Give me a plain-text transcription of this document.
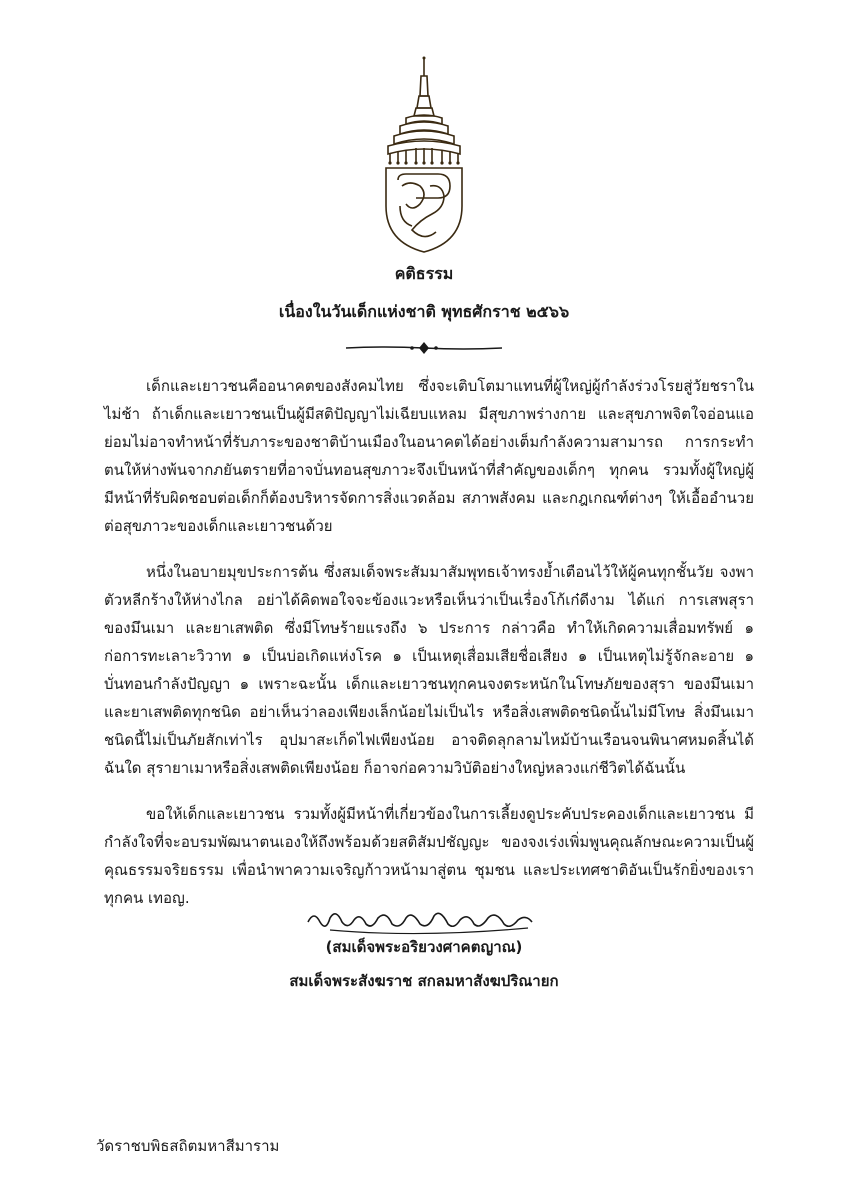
คติธรรม

เนื่องในวันเด็กแห่งชาติ พุทธศักราช ๒๕๖๖

เด็กและเยาวชนคืออนาคตของสังคมไทย ซึ่งจะเติบโตมาแทนที่ผู้ใหญ่ผู้กำลังร่วงโรยสู่วัยชราในไม่ช้า ถ้าเด็กและเยาวชนเป็นผู้มีสติปัญญาไม่เฉียบแหลม มีสุขภาพร่างกาย และสุขภาพจิตใจอ่อนแอ ย่อมไม่อาจทำหน้าที่รับภาระของชาติบ้านเมืองในอนาคตได้อย่างเต็มกำลังความสามารถ การกระทำตนให้ห่างพ้นจากภยันตรายที่อาจบั่นทอนสุขภาวะจึงเป็นหน้าที่สำคัญของเด็กๆ ทุกคน รวมทั้งผู้ใหญ่ผู้มีหน้าที่รับผิดชอบต่อเด็กก็ต้องบริหารจัดการสิ่งแวดล้อม สภาพสังคม และกฎเกณฑ์ต่างๆ ให้เอื้ออำนวยต่อสุขภาวะของเด็กและเยาวชนด้วย

หนึ่งในอบายมุขประการต้น ซึ่งสมเด็จพระสัมมาสัมพุทธเจ้าทรงย้ำเตือนไว้ให้ผู้คนทุกชั้นวัย จงพาตัวหลีกร้างให้ห่างไกล อย่าได้คิดพอใจจะข้องแวะหรือเห็นว่าเป็นเรื่องโก้เก๋ดีงาม ได้แก่ การเสพสุรา ของมึนเมา และยาเสพติด ซึ่งมีโทษร้ายแรงถึง ๖ ประการ กล่าวคือ ทำให้เกิดความเสื่อมทรัพย์ ๑ ก่อการทะเลาะวิวาท ๑ เป็นบ่อเกิดแห่งโรค ๑ เป็นเหตุเสื่อมเสียชื่อเสียง ๑ เป็นเหตุไม่รู้จักละอาย ๑ บั่นทอนกำลังปัญญา ๑ เพราะฉะนั้น เด็กและเยาวชนทุกคนจงตระหนักในโทษภัยของสุรา ของมึนเมา และยาเสพติดทุกชนิด อย่าเห็นว่าลองเพียงเล็กน้อยไม่เป็นไร หรือสิ่งเสพติดชนิดนั้นไม่มีโทษ สิ่งมึนเมาชนิดนี้ไม่เป็นภัยสักเท่าไร อุปมาสะเก็ดไฟเพียงน้อย อาจติดลุกลามไหม้บ้านเรือนจนพินาศหมดสิ้นได้ฉันใด สุรายาเมาหรือสิ่งเสพติดเพียงน้อย ก็อาจก่อความวิบัติอย่างใหญ่หลวงแก่ชีวิตได้ฉันนั้น

ขอให้เด็กและเยาวชน รวมทั้งผู้มีหน้าที่เกี่ยวข้องในการเลี้ยงดูประคับประคองเด็กและเยาวชน มีกำลังใจที่จะอบรมพัฒนาตนเองให้ถึงพร้อมด้วยสติสัมปชัญญะ ของจงเร่งเพิ่มพูนคุณลักษณะความเป็นผู้คุณธรรมจริยธรรม เพื่อนำพาความเจริญก้าวหน้ามาสู่ตน ชุมชน และประเทศชาติอันเป็นรักยิ่งของเราทุกคน เทอญ.

(สมเด็จพระอริยวงศาคตญาณ)
สมเด็จพระสังฆราช สกลมหาสังฆปริณายก
วัดราชบพิธสถิตมหาสีมาราม
